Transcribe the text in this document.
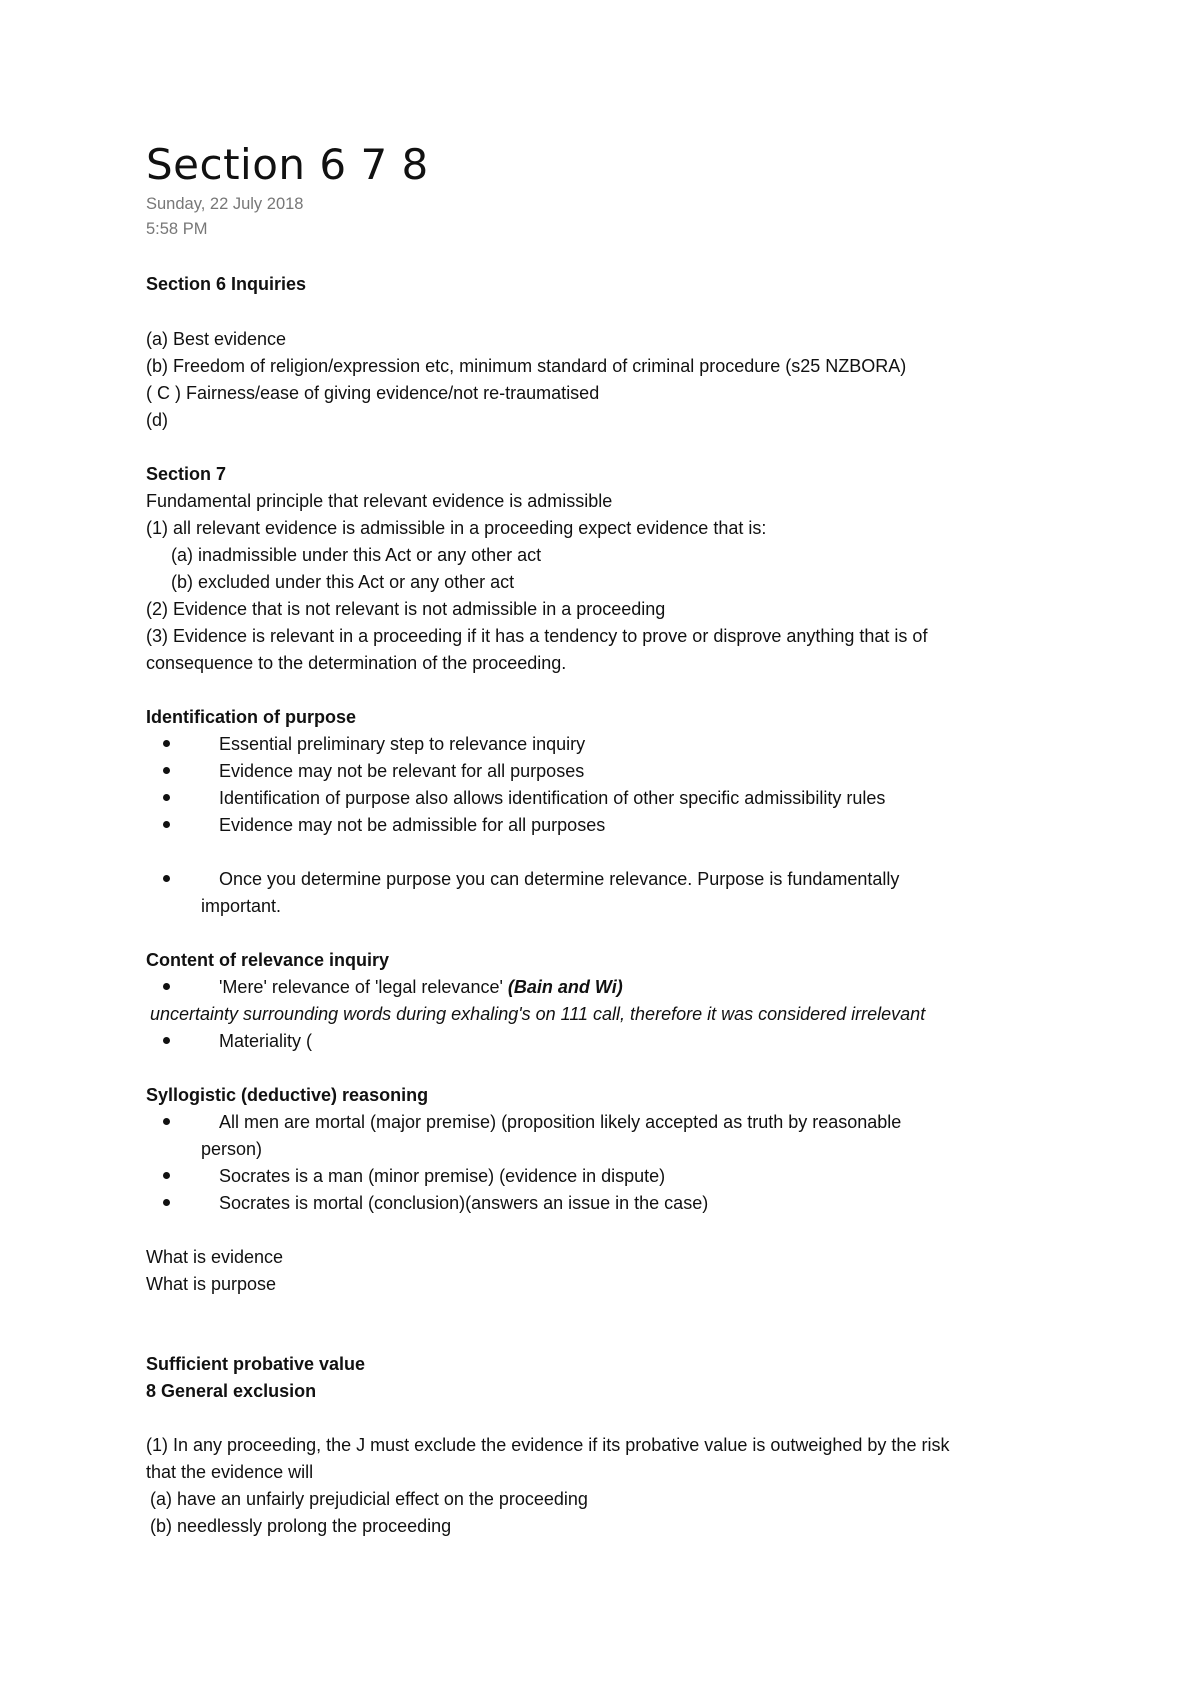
Section 6 7 8
Sunday, 22 July 2018
5:58 PM
Section 6 Inquiries
(a) Best evidence
(b) Freedom of religion/expression etc, minimum standard of criminal procedure (s25 NZBORA)
( C ) Fairness/ease of giving evidence/not re-traumatised
(d)
Section 7
Fundamental principle that relevant evidence is admissible
(1) all relevant evidence is admissible in a proceeding expect evidence that is:
(a) inadmissible under this Act or any other act
(b) excluded under this Act or any other act
(2) Evidence that is not relevant is not admissible in a proceeding
(3) Evidence is relevant in a proceeding if it has a tendency to prove or disprove anything that is of
consequence to the determination of the proceeding.
Identification of purpose
Essential preliminary step to relevance inquiry
Evidence may not be relevant for all purposes
Identification of purpose also allows identification of other specific admissibility rules
Evidence may not be admissible for all purposes
Once you determine purpose you can determine relevance. Purpose is fundamentally
important.
Content of relevance inquiry
'Mere' relevance of 'legal relevance' (Bain and Wi)
uncertainty surrounding words during exhaling's on 111 call, therefore it was considered irrelevant
Materiality (
Syllogistic (deductive) reasoning
All men are mortal (major premise) (proposition likely accepted as truth by reasonable
person)
Socrates is a man (minor premise) (evidence in dispute)
Socrates is mortal (conclusion)(answers an issue in the case)
What is evidence
What is purpose
Sufficient probative value
8 General exclusion
(1) In any proceeding, the J must exclude the evidence if its probative value is outweighed by the risk
that the evidence will
(a) have an unfairly prejudicial effect on the proceeding
(b) needlessly prolong the proceeding
